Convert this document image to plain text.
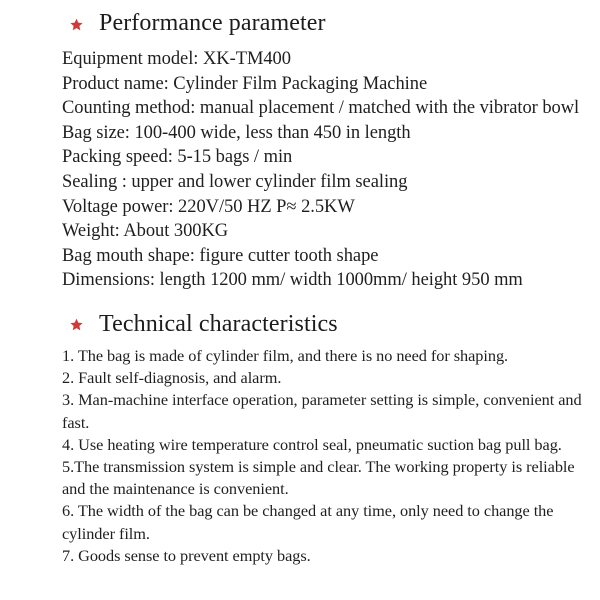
Performance parameter
Equipment model: XK-TM400
Product name: Cylinder Film Packaging Machine
Counting method: manual placement / matched with the vibrator bowl
Bag size: 100-400 wide, less than 450 in length
Packing speed: 5-15 bags / min
Sealing : upper and lower cylinder film sealing
Voltage power: 220V/50 HZ P≈ 2.5KW
Weight: About 300KG
Bag mouth shape: figure cutter tooth shape
Dimensions: length 1200 mm/ width 1000mm/ height 950 mm
Technical characteristics
1. The bag is made of cylinder film, and there is no need for shaping.
2. Fault self-diagnosis, and alarm.
3. Man-machine interface operation, parameter setting is simple, convenient and fast.
4. Use heating wire temperature control seal, pneumatic suction bag pull bag.
5.The transmission system is simple and clear. The working property is reliable and the maintenance is convenient.
6. The width of the bag can be changed at any time, only need to change the cylinder film.
7. Goods sense to prevent empty bags.
